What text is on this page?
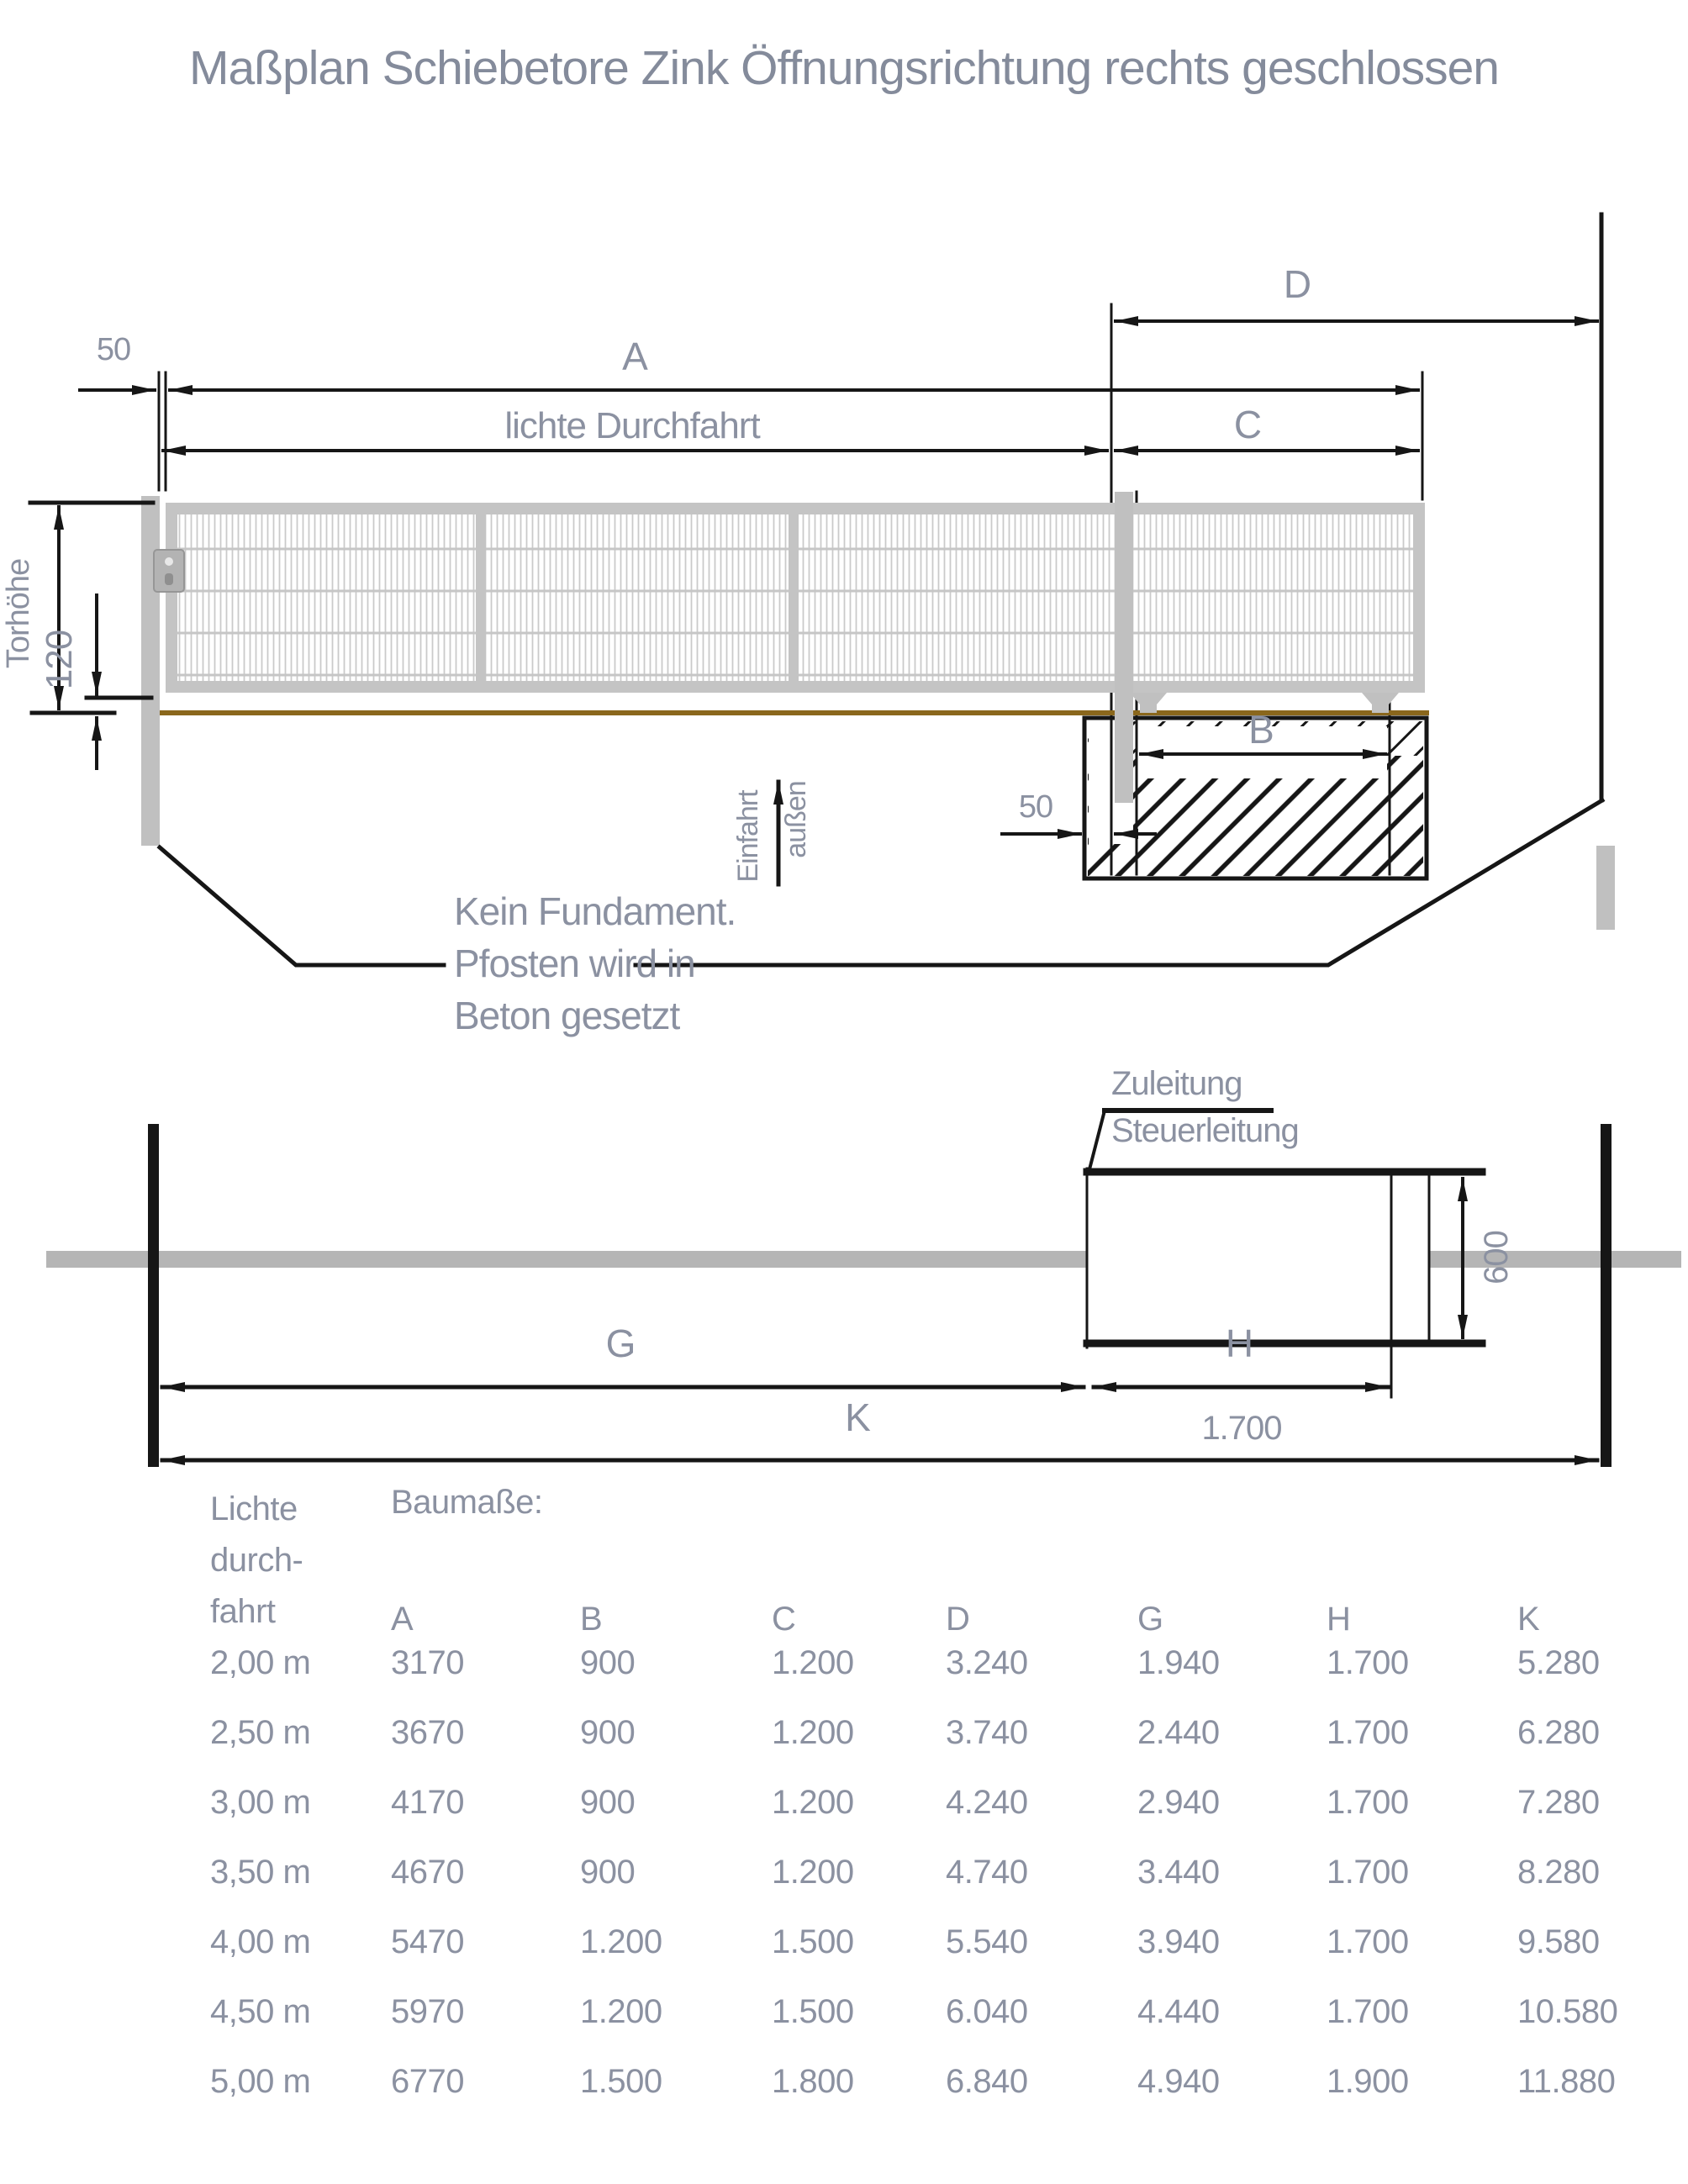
Maßplan Schiebetore Zink Öffnungsrichtung rechts geschlossen
50	A
lichte Durchfahrt	C
D
Torhöhe 120
B
50
Einfahrt außen
Kein Fundament.
Pfosten wird in
Beton gesetzt
600
Zuleitung
Steuerleitung
G	H
1.700
K
Lichte
durch-
fahrt
Baumaße:
A	B	C	D	G	H	K
2,00 m	3170	900	1.200	3.240	1.940	1.700	5.280
2,50 m	3670	900	1.200	3.740	2.440	1.700	6.280
3,00 m	4170	900	1.200	4.240	2.940	1.700	7.280
3,50 m	4670	900	1.200	4.740	3.440	1.700	8.280
4,00 m	5470	1.200	1.500	5.540	3.940	1.700	9.580
4,50 m	5970	1.200	1.500	6.040	4.440	1.700	10.580
5,00 m	6770	1.500	1.800	6.840	4.940	1.900	11.880
